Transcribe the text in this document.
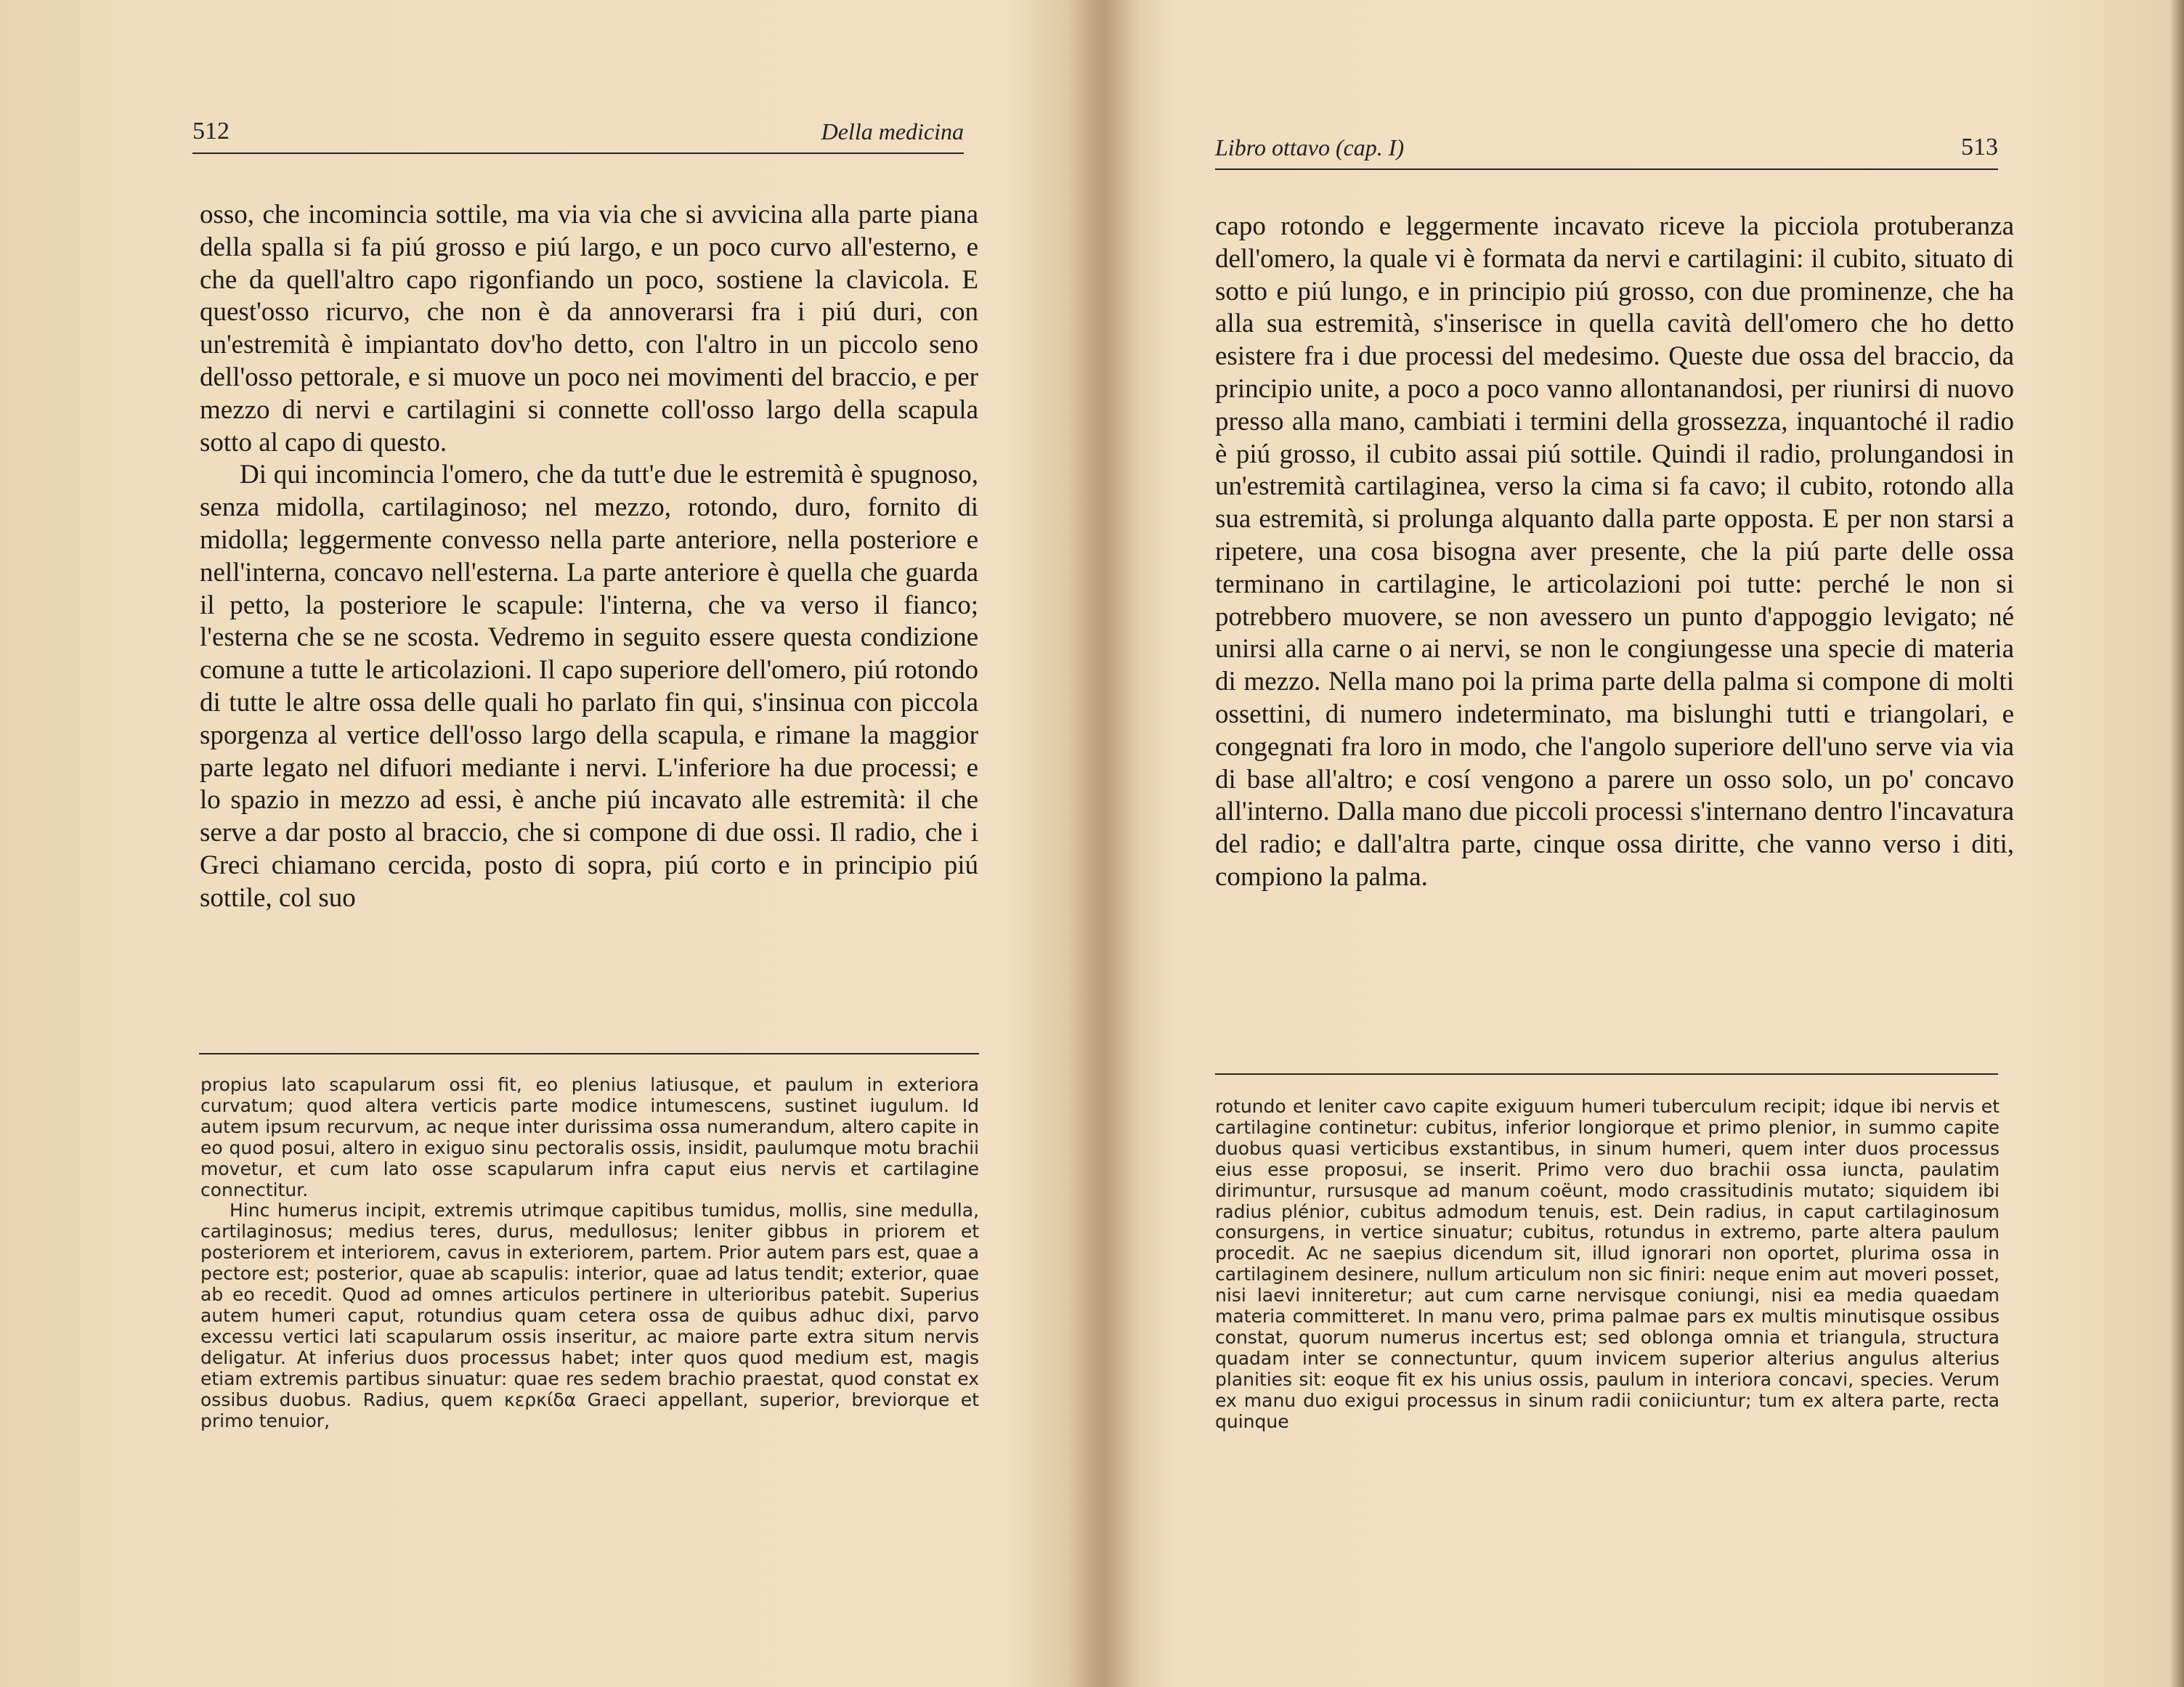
512	Della medicina

osso, che incomincia sottile, ma via via che si avvicina alla parte piana della spalla si fa piú grosso e piú largo, e un poco curvo all'esterno, e che da quell'altro capo rigonfiando un poco, sostiene la clavicola. E quest'osso ricurvo, che non è da annoverarsi fra i piú duri, con un'estremità è impiantato dov'ho detto, con l'altro in un piccolo seno dell'osso pettorale, e si muove un poco nei movimenti del braccio, e per mezzo di nervi e cartilagini si connette coll'osso largo della scapula sotto al capo di questo.

Di qui incomincia l'omero, che da tutt'e due le estremità è spugnoso, senza midolla, cartilaginoso; nel mezzo, rotondo, duro, fornito di midolla; leggermente convesso nella parte anteriore, nella posteriore e nell'interna, concavo nell'esterna. La parte anteriore è quella che guarda il petto, la posteriore le scapule: l'interna, che va verso il fianco; l'esterna che se ne scosta. Vedremo in seguito essere questa condizione comune a tutte le articolazioni. Il capo superiore dell'omero, piú rotondo di tutte le altre ossa delle quali ho parlato fin qui, s'insinua con piccola sporgenza al vertice dell'osso largo della scapula, e rimane la maggior parte legato nel difuori mediante i nervi. L'inferiore ha due processi; e lo spazio in mezzo ad essi, è anche piú incavato alle estremità: il che serve a dar posto al braccio, che si compone di due ossi. Il radio, che i Greci chiamano cercida, posto di sopra, piú corto e in principio piú sottile, col suo

propius lato scapularum ossi fit, eo plenius latiusque, et paulum in exteriora curvatum; quod altera verticis parte modice intumescens, sustinet iugulum. Id autem ipsum recurvum, ac neque inter durissima ossa numerandum, altero capite in eo quod posui, altero in exiguo sinu pectoralis ossis, insidit, paulumque motu brachii movetur, et cum lato osse scapularum infra caput eius nervis et cartilagine connectitur.

Hinc humerus incipit, extremis utrimque capitibus tumidus, mollis, sine medulla, cartilaginosus; medius teres, durus, medullosus; leniter gibbus in priorem et posteriorem et interiorem, cavus in exteriorem, partem. Prior autem pars est, quae a pectore est; posterior, quae ab scapulis: interior, quae ad latus tendit; exterior, quae ab eo recedit. Quod ad omnes articulos pertinere in ulterioribus patebit. Superius autem humeri caput, rotundius quam cetera ossa de quibus adhuc dixi, parvo excessu vertici lati scapularum ossis inseritur, ac maiore parte extra situm nervis deligatur. At inferius duos processus habet; inter quos quod medium est, magis etiam extremis partibus sinuatur: quae res sedem brachio praestat, quod constat ex ossibus duobus. Radius, quem κερκίδα Graeci appellant, superior, breviorque et primo tenuior,

Libro ottavo (cap. I)	513

capo rotondo e leggermente incavato riceve la picciola protuberanza dell'omero, la quale vi è formata da nervi e cartilagini: il cubito, situato di sotto e piú lungo, e in principio piú grosso, con due prominenze, che ha alla sua estremità, s'inserisce in quella cavità dell'omero che ho detto esistere fra i due processi del medesimo. Queste due ossa del braccio, da principio unite, a poco a poco vanno allontanandosi, per riunirsi di nuovo presso alla mano, cambiati i termini della grossezza, inquantoché il radio è piú grosso, il cubito assai piú sottile. Quindi il radio, prolungandosi in un'estremità cartilaginea, verso la cima si fa cavo; il cubito, rotondo alla sua estremità, si prolunga alquanto dalla parte opposta. E per non starsi a ripetere, una cosa bisogna aver presente, che la piú parte delle ossa terminano in cartilagine, le articolazioni poi tutte: perché le non si potrebbero muovere, se non avessero un punto d'appoggio levigato; né unirsi alla carne o ai nervi, se non le congiungesse una specie di materia di mezzo. Nella mano poi la prima parte della palma si compone di molti ossettini, di numero indeterminato, ma bislunghi tutti e triangolari, e congegnati fra loro in modo, che l'angolo superiore dell'uno serve via via di base all'altro; e cosí vengono a parere un osso solo, un po' concavo all'interno. Dalla mano due piccoli processi s'internano dentro l'incavatura del radio; e dall'altra parte, cinque ossa diritte, che vanno verso i diti, compiono la palma.

rotundo et leniter cavo capite exiguum humeri tuberculum recipit; idque ibi nervis et cartilagine continetur: cubitus, inferior longiorque et primo plenior, in summo capite duobus quasi verticibus exstantibus, in sinum humeri, quem inter duos processus eius esse proposui, se inserit. Primo vero duo brachii ossa iuncta, paulatim dirimuntur, rursusque ad manum coëunt, modo crassitudinis mutato; siquidem ibi radius plénior, cubitus admodum tenuis, est. Dein radius, in caput cartilaginosum consurgens, in vertice sinuatur; cubitus, rotundus in extremo, parte altera paulum procedit. Ac ne saepius dicendum sit, illud ignorari non oportet, plurima ossa in cartilaginem desinere, nullum articulum non sic finiri: neque enim aut moveri posset, nisi laevi inniteretur; aut cum carne nervisque coniungi, nisi ea media quaedam materia committeret. In manu vero, prima palmae pars ex multis minutisque ossibus constat, quorum numerus incertus est; sed oblonga omnia et triangula, structura quadam inter se connectuntur, quum invicem superior alterius angulus alterius planities sit: eoque fit ex his unius ossis, paulum in interiora concavi, species. Verum ex manu duo exigui processus in sinum radii coniiciuntur; tum ex altera parte, recta quinque
